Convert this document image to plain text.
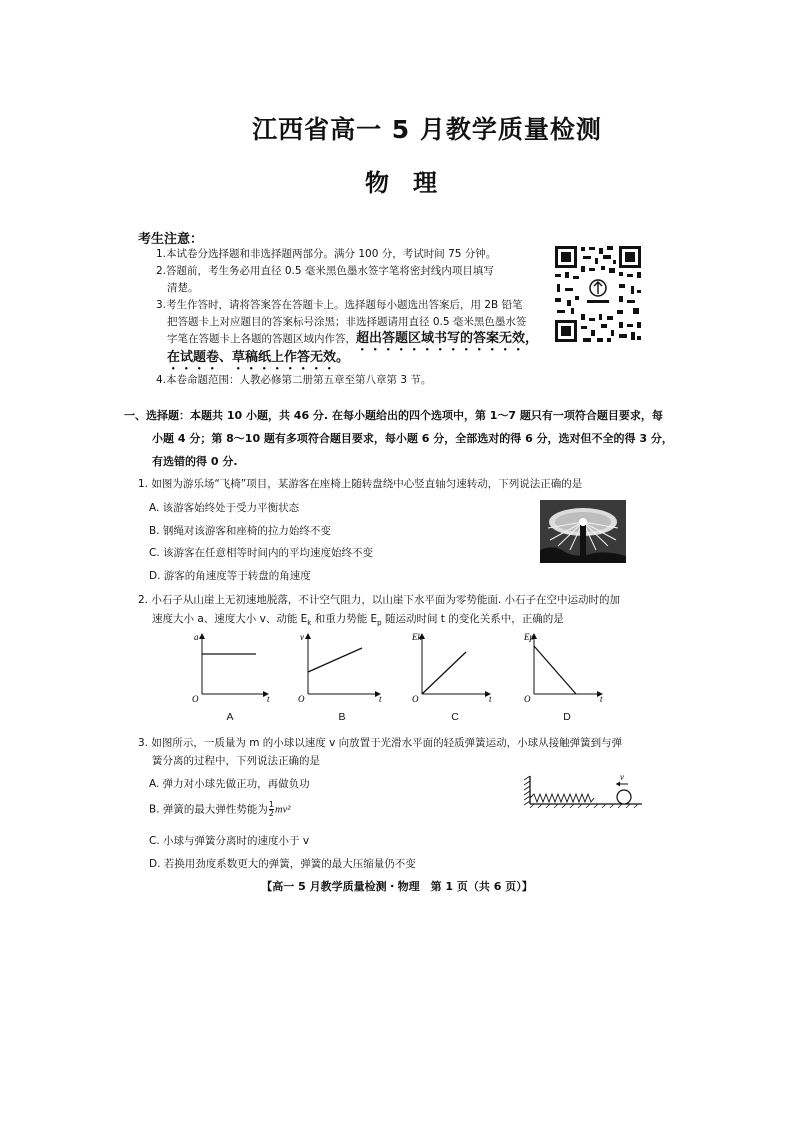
江西省高一 5 月教学质量检测
物　理
考生注意：
1.本试卷分选择题和非选择题两部分。满分 100 分，考试时间 75 分钟。
2.答题前，考生务必用直径 0.5 毫米黑色墨水签字笔将密封线内项目填写
清楚。
3.考生作答时，请将答案答在答题卡上。选择题每小题选出答案后，用 2B 铅笔
把答题卡上对应题目的答案标号涂黑；非选择题请用直径 0.5 毫米黑色墨水签
字笔在答题卡上各题的答题区域内作答，超出答题区域书写的答案无效，
在试题卷、草稿纸上作答无效。
4.本卷命题范围：人教必修第二册第五章至第八章第 3 节。
一、选择题：本题共 10 小题，共 46 分. 在每小题给出的四个选项中，第 1～7 题只有一项符合题目要求，每
小题 4 分；第 8～10 题有多项符合题目要求，每小题 6 分，全部选对的得 6 分，选对但不全的得 3 分，
有选错的得 0 分.
1. 如图为游乐场“飞椅”项目，某游客在座椅上随转盘绕中心竖直轴匀速转动，下列说法正确的是
A. 该游客始终处于受力平衡状态
B. 钢绳对该游客和座椅的拉力始终不变
C. 该游客在任意相等时间内的平均速度始终不变
D. 游客的角速度等于转盘的角速度
2. 小石子从山崖上无初速地脱落，不计空气阻力，以山崖下水平面为零势能面. 小石子在空中运动时的加
速度大小 a、速度大小 v、动能 $E_k$ 和重力势能 $E_p$ 随运动时间 t 的变化关系中，正确的是
a
t
O
v
t
O
Ek
t
O
Ep
t
O
A	B	C	D
3. 如图所示，一质量为 m 的小球以速度 v 向放置于光滑水平面的轻质弹簧运动，小球从接触弹簧到与弹
簧分离的过程中，下列说法正确的是
A. 弹力对小球先做正功，再做负功
B. 弹簧的最大弹性势能为 $\frac{1}{2} mv^2$
C. 小球与弹簧分离时的速度小于 v
D. 若换用劲度系数更大的弹簧，弹簧的最大压缩量仍不变
v
【高一 5 月教学质量检测・物理　第 1 页（共 6 页）】
